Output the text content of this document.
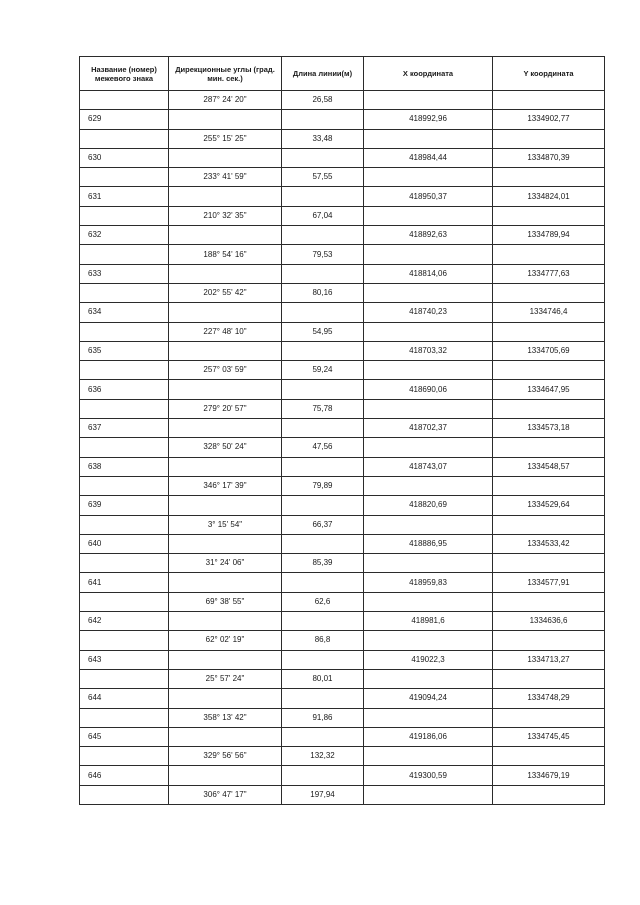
Название (номер) межевого знака	Дирекционные углы (град. мин. сек.)	Длина линии(м)	Х координата	Y координата
	287° 24' 20"	26,58		
629			418992,96	1334902,77
	255° 15' 25"	33,48		
630			418984,44	1334870,39
	233° 41' 59"	57,55		
631			418950,37	1334824,01
	210° 32' 35"	67,04		
632			418892,63	1334789,94
	188° 54' 16"	79,53		
633			418814,06	1334777,63
	202° 55' 42"	80,16		
634			418740,23	1334746,4
	227° 48' 10"	54,95		
635			418703,32	1334705,69
	257° 03' 59"	59,24		
636			418690,06	1334647,95
	279° 20' 57"	75,78		
637			418702,37	1334573,18
	328° 50' 24"	47,56		
638			418743,07	1334548,57
	346° 17' 39"	79,89		
639			418820,69	1334529,64
	3° 15' 54"	66,37		
640			418886,95	1334533,42
	31° 24' 06"	85,39		
641			418959,83	1334577,91
	69° 38' 55"	62,6		
642			418981,6	1334636,6
	62° 02' 19"	86,8		
643			419022,3	1334713,27
	25° 57' 24"	80,01		
644			419094,24	1334748,29
	358° 13' 42"	91,86		
645			419186,06	1334745,45
	329° 56' 56"	132,32		
646			419300,59	1334679,19
	306° 47' 17"	197,94		
